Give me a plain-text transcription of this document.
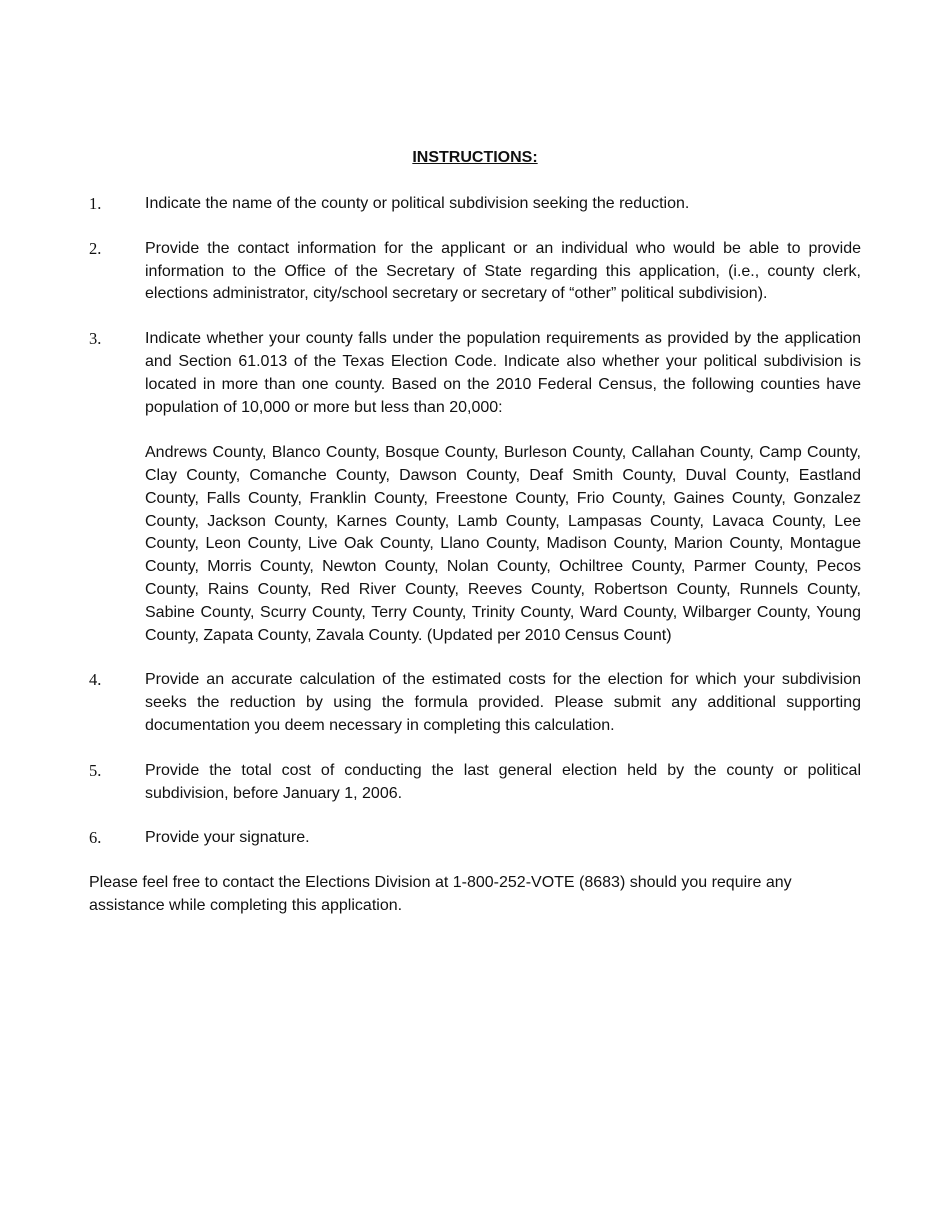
INSTRUCTIONS:
1.	Indicate the name of the county or political subdivision seeking the reduction.

2.	Provide the contact information for the applicant or an individual who would be able to provide information to the Office of the Secretary of State regarding this application, (i.e., county clerk, elections administrator, city/school secretary or secretary of “other” political subdivision).

3.	Indicate whether your county falls under the population requirements as provided by the application and Section 61.013 of the Texas Election Code. Indicate also whether your political subdivision is located in more than one county. Based on the 2010 Federal Census, the following counties have population of 10,000 or more but less than 20,000:

Andrews County, Blanco County, Bosque County, Burleson County, Callahan County, Camp County, Clay County, Comanche County, Dawson County, Deaf Smith County, Duval County, Eastland County, Falls County, Franklin County, Freestone County, Frio County, Gaines County, Gonzalez County, Jackson County, Karnes County, Lamb County, Lampasas County, Lavaca County, Lee County, Leon County, Live Oak County, Llano County, Madison County, Marion County, Montague County, Morris County, Newton County, Nolan County, Ochiltree County, Parmer County, Pecos County, Rains County, Red River County, Reeves County, Robertson County, Runnels County, Sabine County, Scurry County, Terry County, Trinity County, Ward County, Wilbarger County, Young County, Zapata County, Zavala County. (Updated per 2010 Census Count)

4.	Provide an accurate calculation of the estimated costs for the election for which your subdivision seeks the reduction by using the formula provided. Please submit any additional supporting documentation you deem necessary in completing this calculation.

5.	Provide the total cost of conducting the last general election held by the county or political subdivision, before January 1, 2006.

6.	Provide your signature.

Please feel free to contact the Elections Division at 1-800-252-VOTE (8683) should you require any assistance while completing this application.
